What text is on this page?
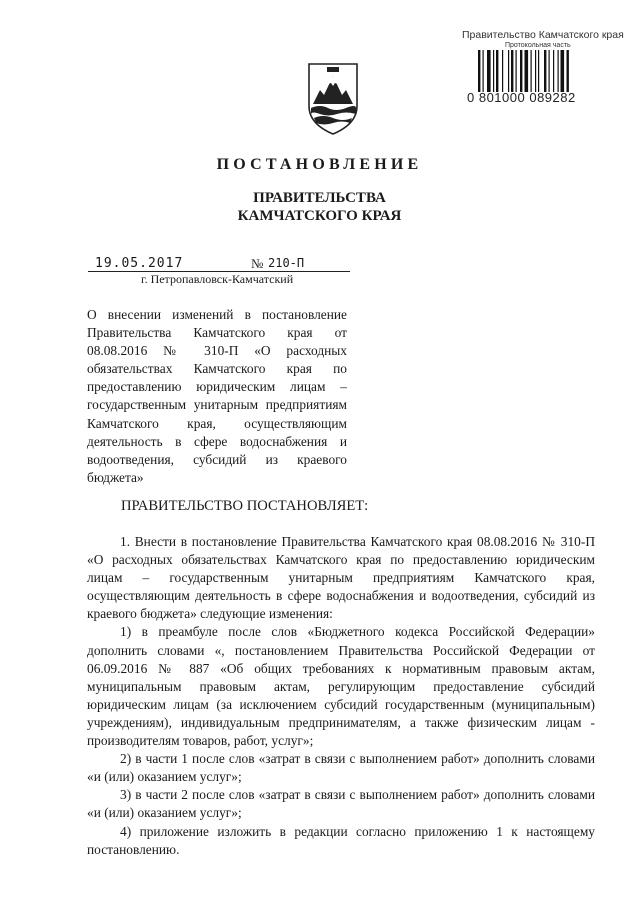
Правительство Камчатского края
Протокольная часть
0 801000 089282
ПОСТАНОВЛЕНИЕ
ПРАВИТЕЛЬСТВА
КАМЧАТСКОГО КРАЯ
19.05.2017	№ 210-П
г. Петропавловск-Камчатский
О внесении изменений в постановление Правительства Камчатского края от 08.08.2016 № 310-П «О расходных обязательствах Камчатского края по предоставлению юридическим лицам – государственным унитарным предприятиям Камчатского края, осуществляющим деятельность в сфере водоснабжения и водоотведения, субсидий из краевого бюджета»
ПРАВИТЕЛЬСТВО ПОСТАНОВЛЯЕТ:

1. Внести в постановление Правительства Камчатского края 08.08.2016 № 310-П «О расходных обязательствах Камчатского края по предоставлению юридическим лицам – государственным унитарным предприятиям Камчатского края, осуществляющим деятельность в сфере водоснабжения и водоотведения, субсидий из краевого бюджета» следующие изменения:

1) в преамбуле после слов «Бюджетного кодекса Российской Федерации» дополнить словами «, постановлением Правительства Российской Федерации от 06.09.2016 № 887 «Об общих требованиях к нормативным правовым актам, муниципальным правовым актам, регулирующим предоставление субсидий юридическим лицам (за исключением субсидий государственным (муниципальным) учреждениям), индивидуальным предпринимателям, а также физическим лицам - производителям товаров, работ, услуг»;

2) в части 1 после слов «затрат в связи с выполнением работ» дополнить словами «и (или) оказанием услуг»;

3) в части 2 после слов «затрат в связи с выполнением работ» дополнить словами «и (или) оказанием услуг»;

4) приложение изложить в редакции согласно приложению 1 к настоящему постановлению.
